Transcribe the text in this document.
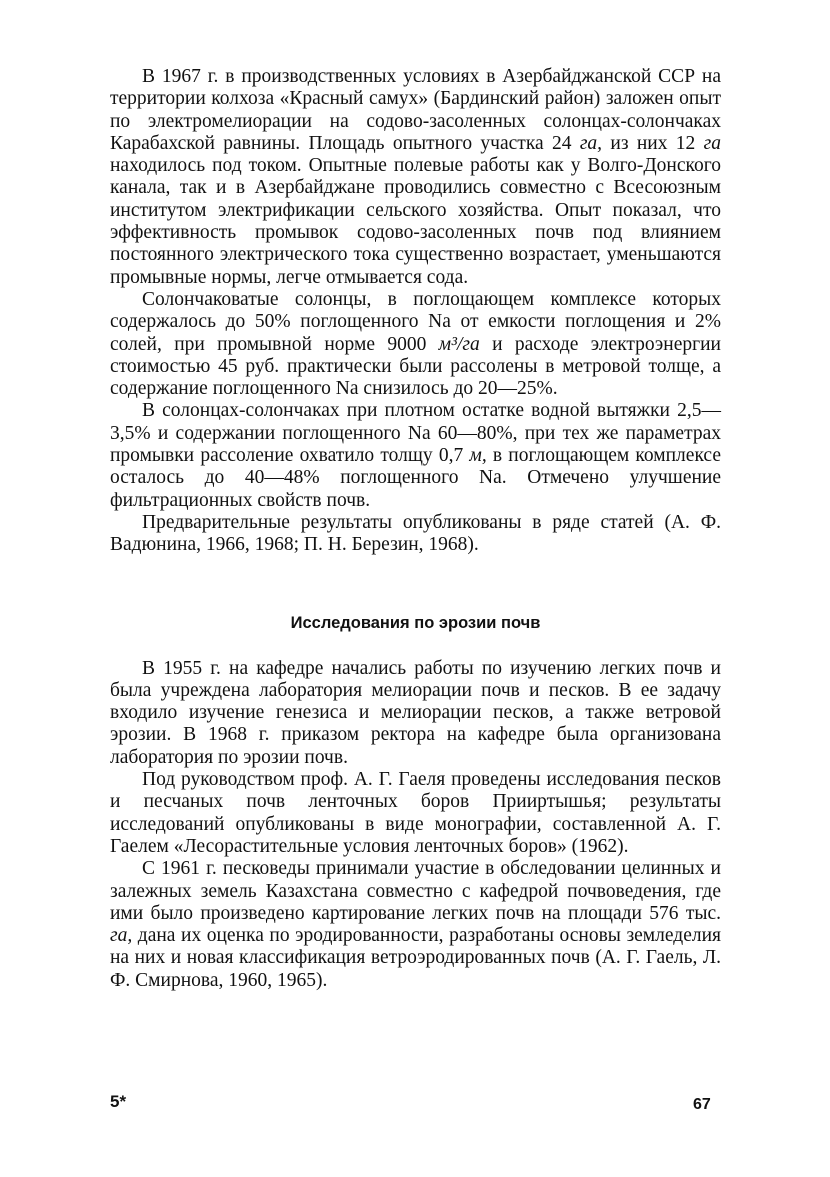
В 1967 г. в производственных условиях в Азербайджанской ССР на территории колхоза «Красный самух» (Бардинский район) заложен опыт по электромелиорации на содово-засоленных солонцах-солончаках Карабахской равнины. Площадь опытного участка 24 га, из них 12 га находилось под током. Опытные полевые работы как у Волго-Донского канала, так и в Азербайджане проводились совместно с Всесоюзным институтом электрификации сельского хозяйства. Опыт показал, что эффективность промывок содово-засоленных почв под влиянием постоянного электрического тока существенно возрастает, уменьшаются промывные нормы, легче отмывается сода.

Солончаковатые солонцы, в поглощающем комплексе которых содержалось до 50% поглощенного Na от емкости поглощения и 2% солей, при промывной норме 9000 м³/га и расходе электроэнергии стоимостью 45 руб. практически были рассолены в метровой толще, а содержание поглощенного Na снизилось до 20—25%.

В солонцах-солончаках при плотном остатке водной вытяжки 2,5—3,5% и содержании поглощенного Na 60—80%, при тех же параметрах промывки рассоление охватило толщу 0,7 м, в поглощающем комплексе осталось до 40—48% поглощенного Na. Отмечено улучшение фильтрационных свойств почв.

Предварительные результаты опубликованы в ряде статей (А. Ф. Вадюнина, 1966, 1968; П. Н. Березин, 1968).

Исследования по эрозии почв

В 1955 г. на кафедре начались работы по изучению легких почв и была учреждена лаборатория мелиорации почв и песков. В ее задачу входило изучение генезиса и мелиорации песков, а также ветровой эрозии. В 1968 г. приказом ректора на кафедре была организована лаборатория по эрозии почв.

Под руководством проф. А. Г. Гаеля проведены исследования песков и песчаных почв ленточных боров Прииртышья; результаты исследований опубликованы в виде монографии, составленной А. Г. Гаелем «Лесорастительные условия ленточных боров» (1962).

С 1961 г. песковеды принимали участие в обследовании целинных и залежных земель Казахстана совместно с кафедрой почвоведения, где ими было произведено картирование легких почв на площади 576 тыс. га, дана их оценка по эродированности, разработаны основы земледелия на них и новая классификация ветроэродированных почв (А. Г. Гаель, Л. Ф. Смирнова, 1960, 1965).

5*	67
